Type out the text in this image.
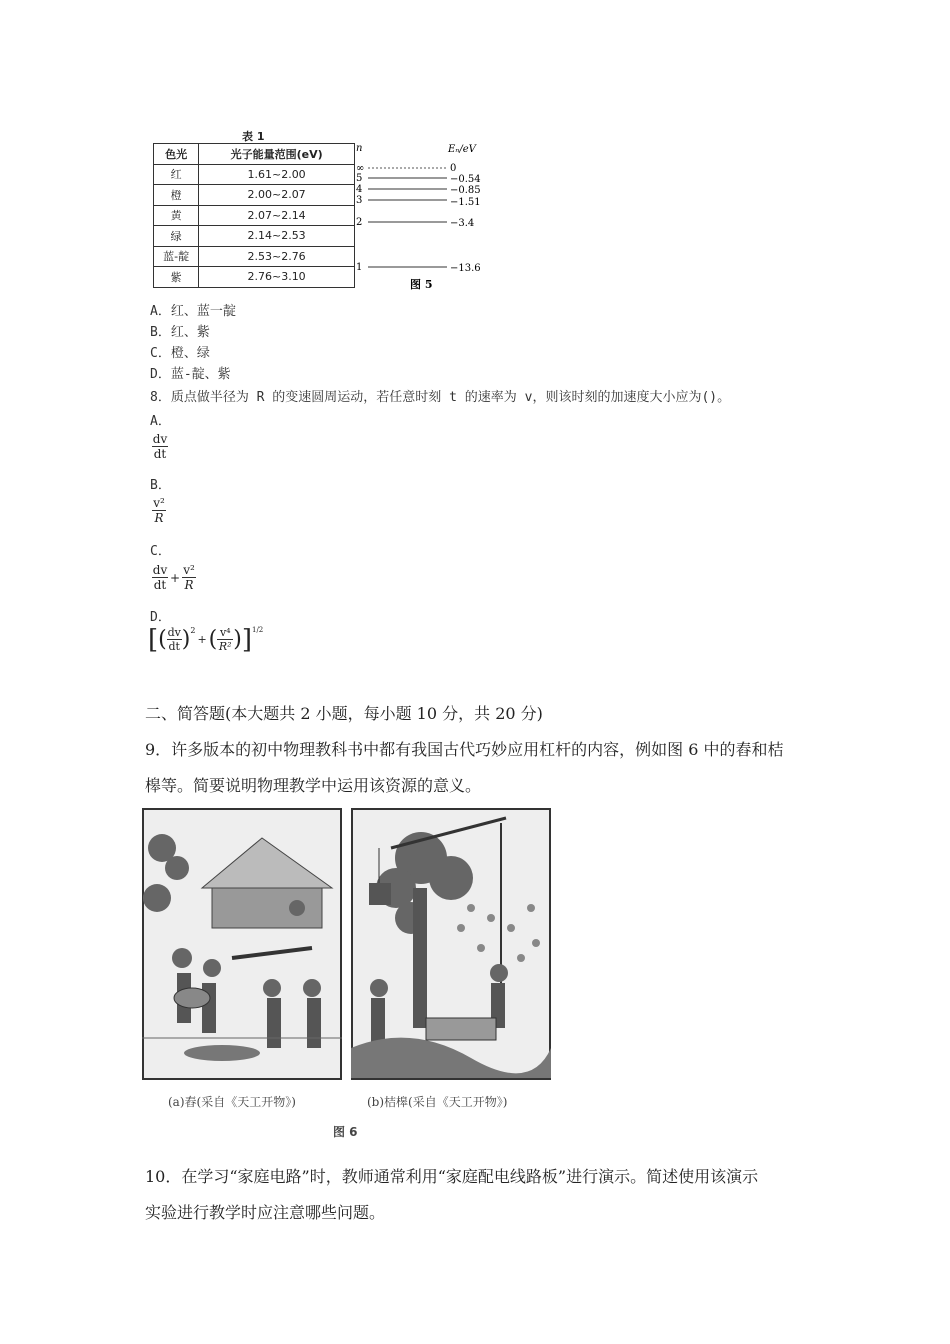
表 1
色光	光子能量范围(eV)
红	1.61~2.00
橙	2.00~2.07
黄	2.07~2.14
绿	2.14~2.53
蓝-靛	2.53~2.76
紫	2.76~3.10
n	Eₙ/eV
∞
5
4
3
2
1
0
−0.54
−0.85
−1.51
−3.4
−13.6
图 5
A．红、蓝一靛
B．红、紫
C．橙、绿
D．蓝-靛、紫
8．质点做半径为 R 的变速圆周运动，若任意时刻 t 的速率为 v，则该时刻的加速度大小应为()。
A．
$\frac{dv}{dt}$
B．
$\frac{\text{v²}}{R}$
C．
dv
dt
+ $\frac{\text{v²}}{R}$
D．
[ ( dv
dt )$^2$
+ ( v⁴
R² ) ]$^{1/2}$
二、简答题(本大题共 2 小题，每小题 10 分，共 20 分)
9．许多版本的初中物理教科书中都有我国古代巧妙应用杠杆的内容，例如图 6 中的舂和桔
槔等。简要说明物理教学中运用该资源的意义。
(a)舂(采自《天工开物》)	(b)桔槔(采自《天工开物》)
图 6
10．在学习“家庭电路”时，教师通常利用“家庭配电线路板”进行演示。简述使用该演示
实验进行教学时应注意哪些问题。
